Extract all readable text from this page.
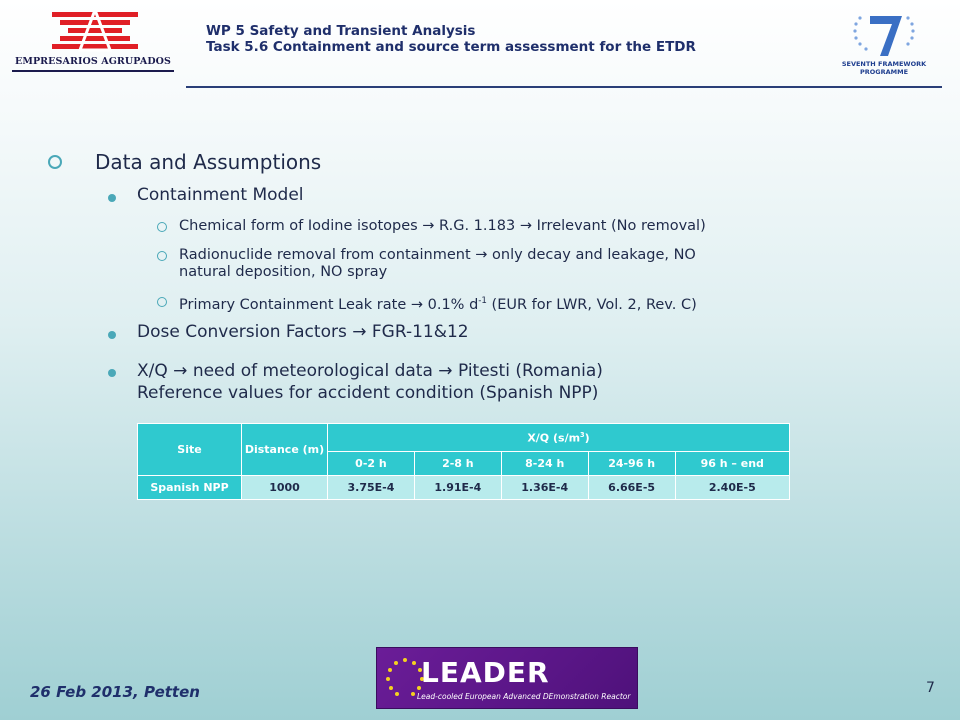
EMPRESARIOS AGRUPADOS
WP 5 Safety and Transient Analysis
Task 5.6 Containment and source term assessment for the ETDR
SEVENTH FRAMEWORK
PROGRAMME
Data and Assumptions
Containment Model
Chemical form of Iodine isotopes → R.G. 1.183 → Irrelevant (No removal)
Radionuclide removal from containment → only decay and leakage, NO
natural deposition, NO spray
Primary Containment Leak rate → 0.1% $d^{-1}$ (EUR for LWR, Vol. 2, Rev. C)
Dose Conversion Factors → FGR-11&12
X/Q → need of meteorological data → Pitesti (Romania)
Reference values for accident condition (Spanish NPP)
Site	Distance (m)	X/Q $(s/m^3)$				
		0-2 h	2-8 h	8-24 h	24-96 h	96 h – end
Spanish NPP	1000	3.75E-4	1.91E-4	1.36E-4	6.66E-5	2.40E-5
26 Feb 2013, Petten
LEADER
Lead-cooled European Advanced DEmonstration Reactor
7
